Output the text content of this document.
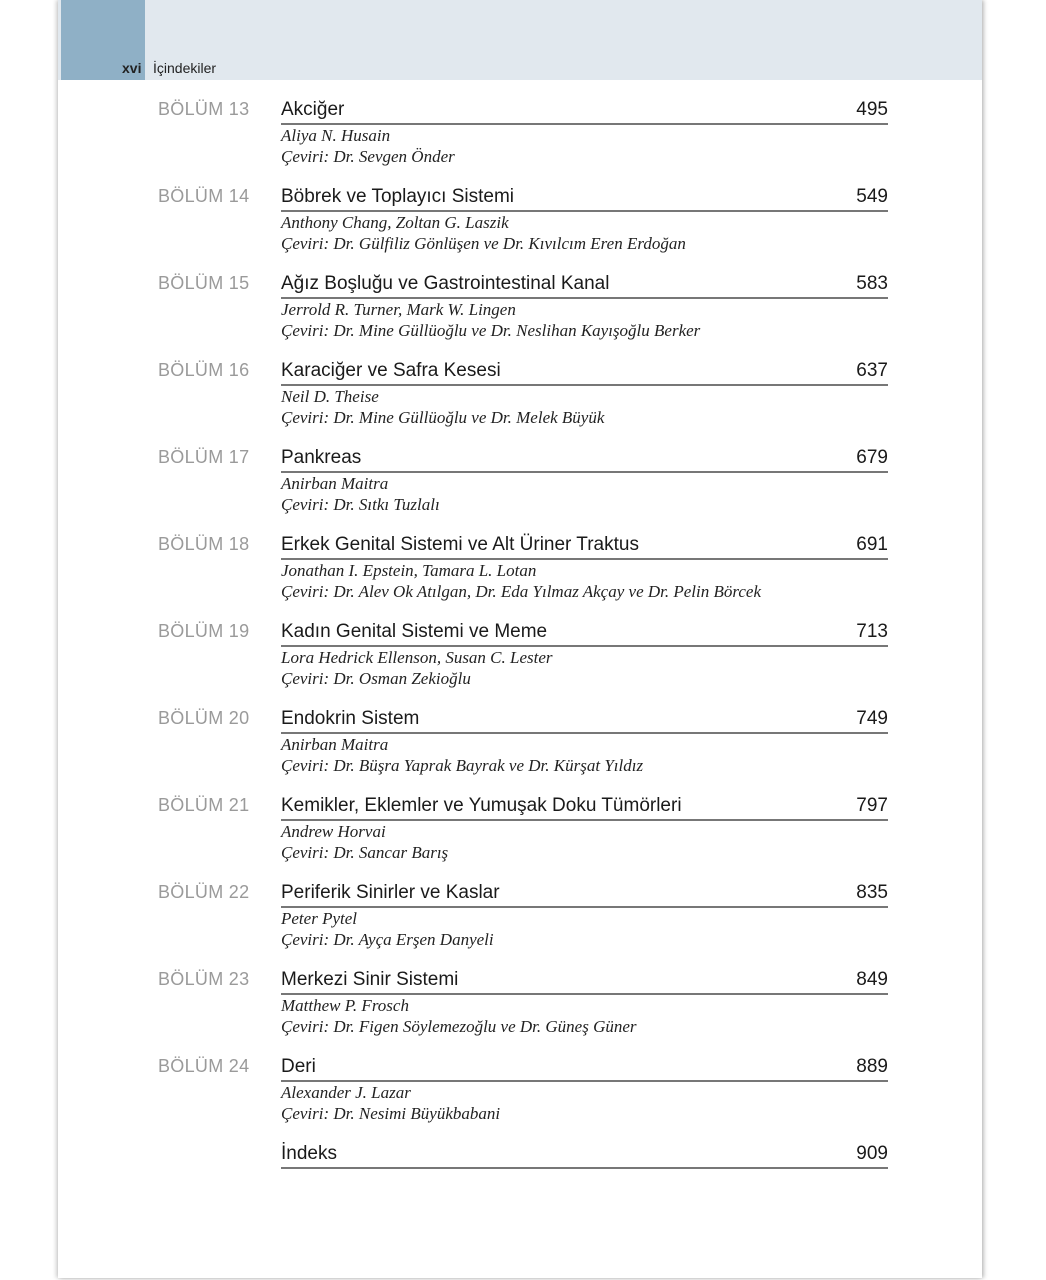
xvi İçindekiler
BÖLÜM 13 Akciğer	495
Aliya N. Husain
Çeviri: Dr. Sevgen Önder
BÖLÜM 14 Böbrek ve Toplayıcı Sistemi	549
Anthony Chang, Zoltan G. Laszik
Çeviri: Dr. Gülfiliz Gönlüşen ve Dr. Kıvılcım Eren Erdoğan
BÖLÜM 15 Ağız Boşluğu ve Gastrointestinal Kanal	583
Jerrold R. Turner, Mark W. Lingen
Çeviri: Dr. Mine Güllüoğlu ve Dr. Neslihan Kayışoğlu Berker
BÖLÜM 16 Karaciğer ve Safra Kesesi	637
Neil D. Theise
Çeviri: Dr. Mine Güllüoğlu ve Dr. Melek Büyük
BÖLÜM 17 Pankreas	679
Anirban Maitra
Çeviri: Dr. Sıtkı Tuzlalı
BÖLÜM 18 Erkek Genital Sistemi ve Alt Üriner Traktus	691
Jonathan I. Epstein, Tamara L. Lotan
Çeviri: Dr. Alev Ok Atılgan, Dr. Eda Yılmaz Akçay ve Dr. Pelin Börcek
BÖLÜM 19 Kadın Genital Sistemi ve Meme	713
Lora Hedrick Ellenson, Susan C. Lester
Çeviri: Dr. Osman Zekioğlu
BÖLÜM 20 Endokrin Sistem	749
Anirban Maitra
Çeviri: Dr. Büşra Yaprak Bayrak ve Dr. Kürşat Yıldız
BÖLÜM 21 Kemikler, Eklemler ve Yumuşak Doku Tümörleri	797
Andrew Horvai
Çeviri: Dr. Sancar Barış
BÖLÜM 22 Periferik Sinirler ve Kaslar	835
Peter Pytel
Çeviri: Dr. Ayça Erşen Danyeli
BÖLÜM 23 Merkezi Sinir Sistemi	849
Matthew P. Frosch
Çeviri: Dr. Figen Söylemezoğlu ve Dr. Güneş Güner
BÖLÜM 24 Deri	889
Alexander J. Lazar
Çeviri: Dr. Nesimi Büyükbabani
İndeks	909
